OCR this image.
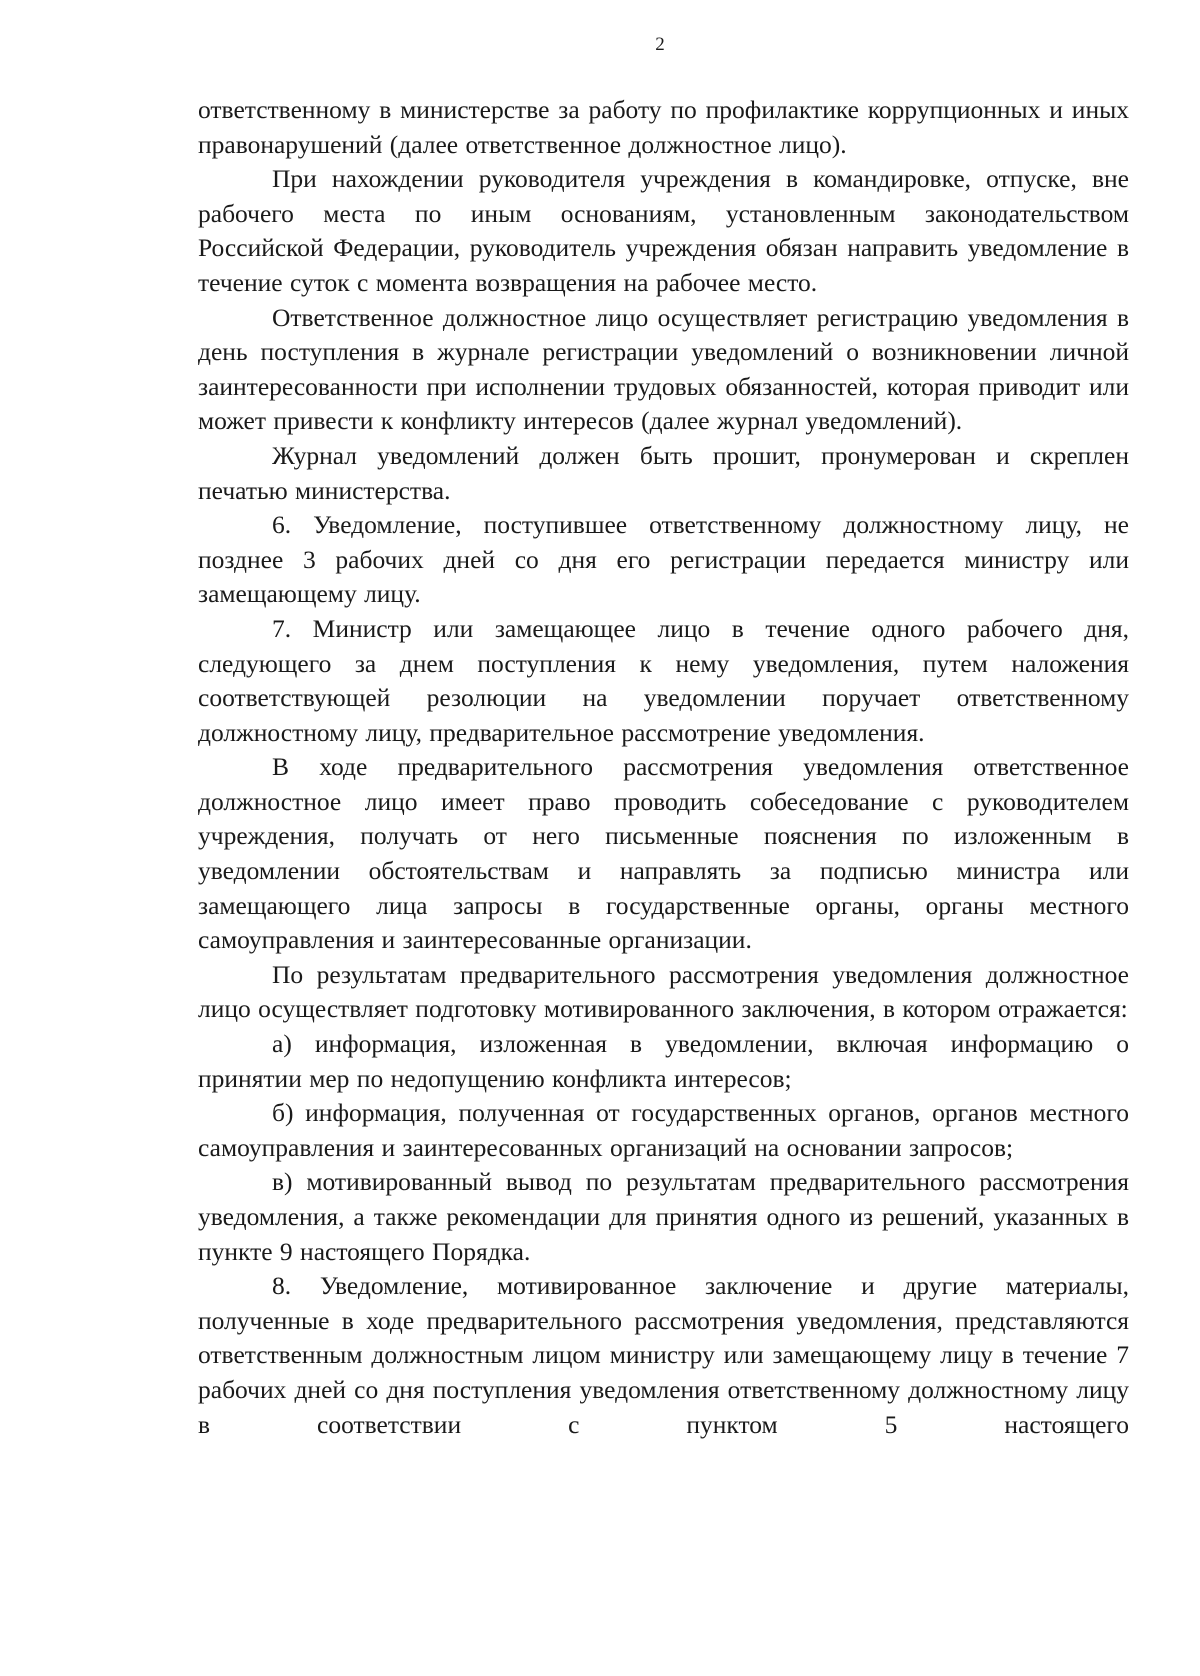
2

ответственному в министерстве за работу по профилактике коррупционных и иных правонарушений (далее ответственное должностное лицо).

При нахождении руководителя учреждения в командировке, отпуске, вне рабочего места по иным основаниям, установленным законодательством Российской Федерации, руководитель учреждения обязан направить уведомление в течение суток с момента возвращения на рабочее место.

Ответственное должностное лицо осуществляет регистрацию уведомления в день поступления в журнале регистрации уведомлений о возникновении личной заинтересованности при исполнении трудовых обязанностей, которая приводит или может привести к конфликту интересов (далее журнал уведомлений).

Журнал уведомлений должен быть прошит, пронумерован и скреплен печатью министерства.

6. Уведомление, поступившее ответственному должностному лицу, не позднее 3 рабочих дней со дня его регистрации передается министру или замещающему лицу.

7. Министр или замещающее лицо в течение одного рабочего дня, следующего за днем поступления к нему уведомления, путем наложения соответствующей резолюции на уведомлении поручает ответственному должностному лицу, предварительное рассмотрение уведомления.

В ходе предварительного рассмотрения уведомления ответственное должностное лицо имеет право проводить собеседование с руководителем учреждения, получать от него письменные пояснения по изложенным в уведомлении обстоятельствам и направлять за подписью министра или замещающего лица запросы в государственные органы, органы местного самоуправления и заинтересованные организации.

По результатам предварительного рассмотрения уведомления должностное лицо осуществляет подготовку мотивированного заключения, в котором отражается:

а) информация, изложенная в уведомлении, включая информацию о принятии мер по недопущению конфликта интересов;

б) информация, полученная от государственных органов, органов местного самоуправления и заинтересованных организаций на основании запросов;

в) мотивированный вывод по результатам предварительного рассмотрения уведомления, а также рекомендации для принятия одного из решений, указанных в пункте 9 настоящего Порядка.

8. Уведомление, мотивированное заключение и другие материалы, полученные в ходе предварительного рассмотрения уведомления, представляются ответственным должностным лицом министру или замещающему лицу в течение 7 рабочих дней со дня поступления уведомления ответственному должностному лицу в соответствии с пунктом 5 настоящего
